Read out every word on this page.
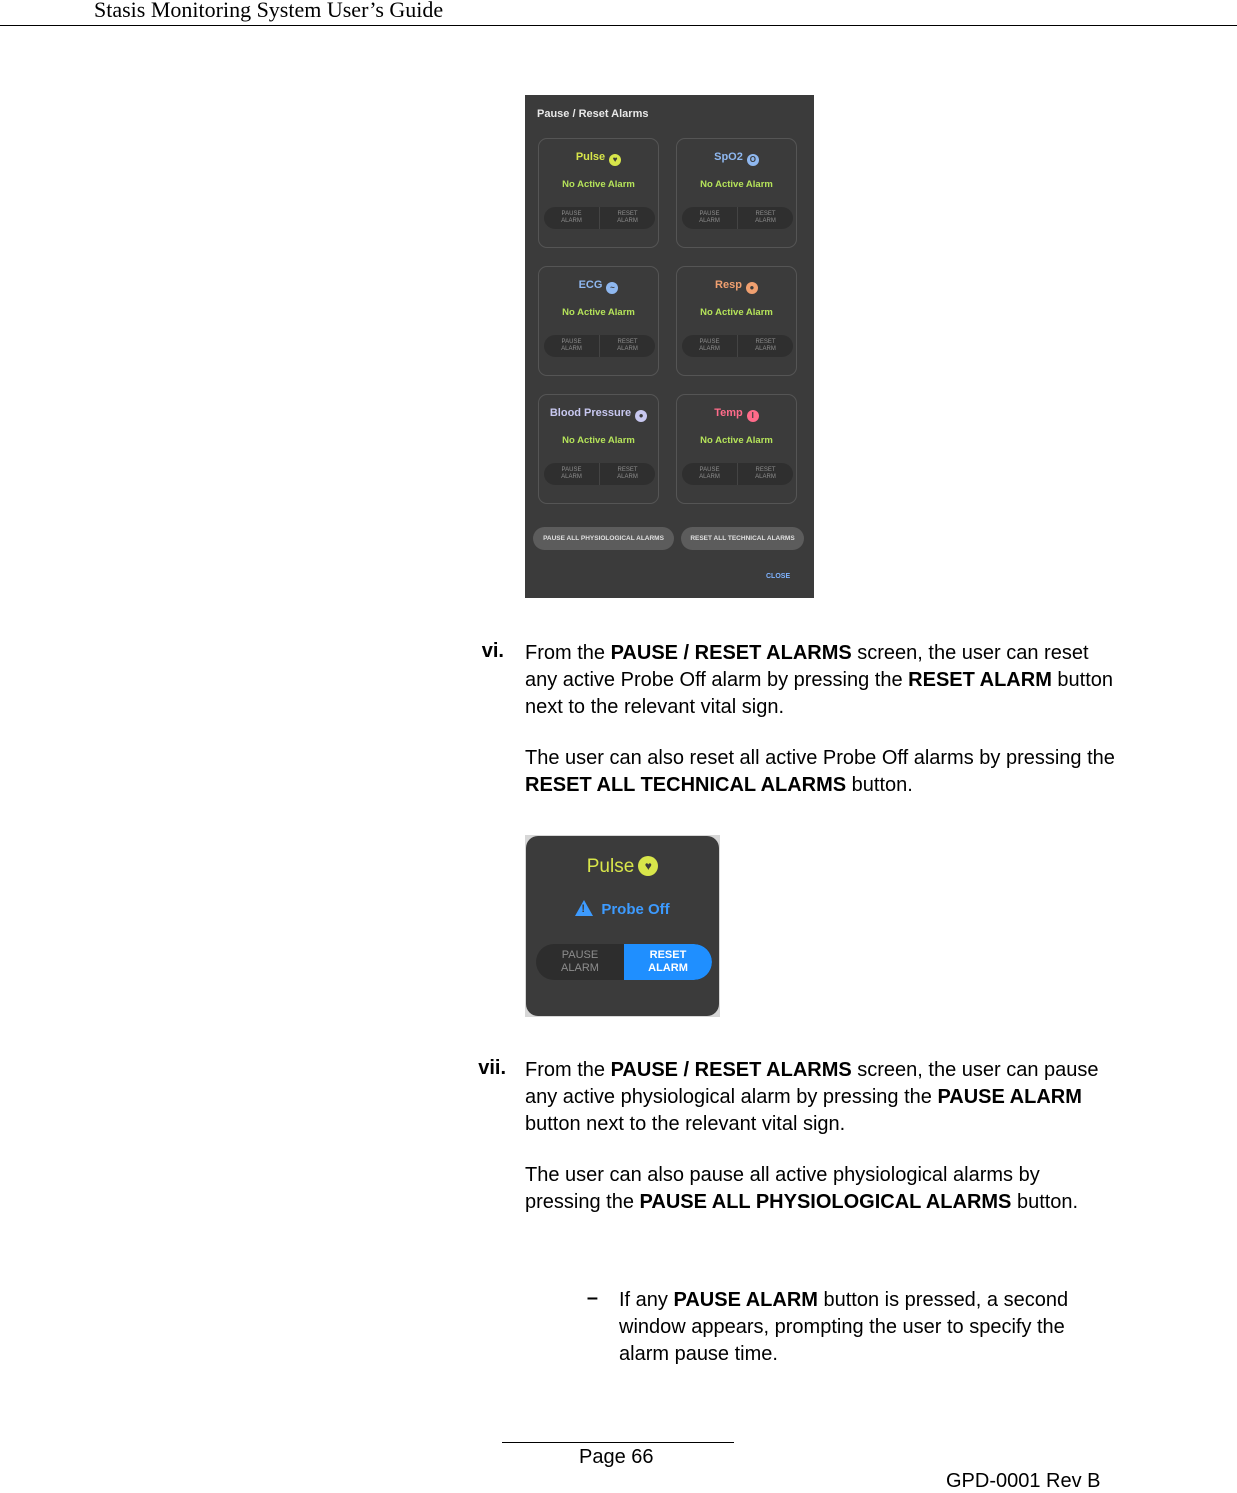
Stasis Monitoring System User’s Guide
Pause / Reset Alarms
Pulse ♥
No Active Alarm
PAUSE
ALARM
RESET
ALARM
SpO2 O
No Active Alarm
PAUSE
ALARM
RESET
ALARM
ECG ~
No Active Alarm
PAUSE
ALARM
RESET
ALARM
Resp ●
No Active Alarm
PAUSE
ALARM
RESET
ALARM
Blood Pressure ●
No Active Alarm
PAUSE
ALARM
RESET
ALARM
Temp I
No Active Alarm
PAUSE
ALARM
RESET
ALARM
PAUSE ALL PHYSIOLOGICAL ALARMS	RESET ALL TECHNICAL ALARMS
CLOSE
vi. From the PAUSE / RESET ALARMS screen, the user can reset any active Probe Off alarm by pressing the RESET ALARM button next to the relevant vital sign.

The user can also reset all active Probe Off alarms by pressing the RESET ALL TECHNICAL ALARMS button.

Pulse ♥
!Probe Off
PAUSE
ALARM
RESET
ALARM
vii. From the PAUSE / RESET ALARMS screen, the user can pause any active physiological alarm by pressing the PAUSE ALARM button next to the relevant vital sign.

The user can also pause all active physiological alarms by pressing the PAUSE ALL PHYSIOLOGICAL ALARMS button.

– If any PAUSE ALARM button is pressed, a second window appears, prompting the user to specify the alarm pause time.

Page 66
GPD-0001 Rev B
